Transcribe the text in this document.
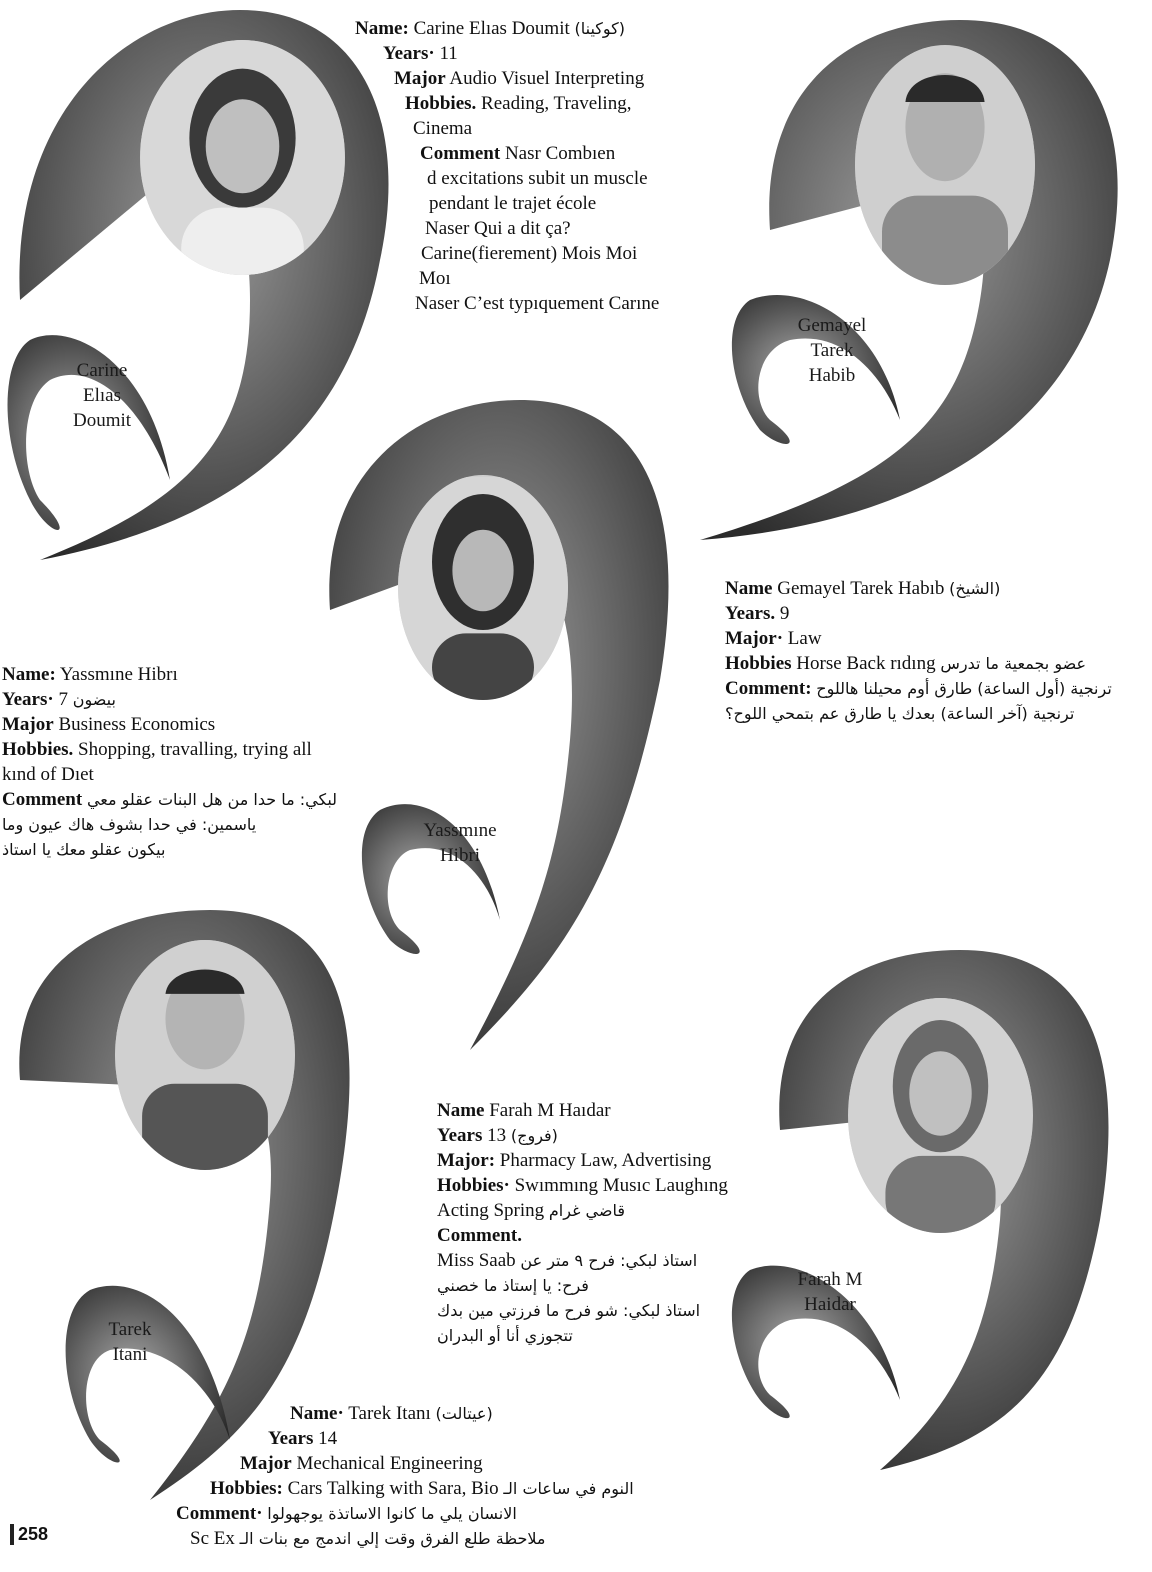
Carine
Elıas
Doumit
Gemayel
Tarek
Habib
Yassmıne
Hibri
Tarek
Itani
Farah M
Haidar
Name: Carine Elıas Doumit (كوكينا)
Years· 11
Major Audio Visuel Interpreting
Hobbies. Reading, Traveling,
Cinema
Comment Nasr Combıen
d excitations subit un muscle
pendant le trajet école
Naser Qui a dit ça?
Carine(fierement) Mois Moi
Moı
Naser C’est typıquement Carıne
Name Gemayel Tarek Habıb (الشيخ)
Years. 9
Major· Law
Hobbies Horse Back rıdıng عضو بجمعية ما تدرس
Comment: ترنجية (أول الساعة) طارق أوم محيلنا هاللوح
ترنجية (آخر الساعة) بعدك يا طارق عم بتمحي اللوح؟
Name: Yassmıne Hibrı
Years· 7 بيضون
Major Business Economics
Hobbies. Shopping, travalling, trying all
kınd of Dıet
Comment لبكي: ما حدا من هل البنات عقلو معي
ياسمين: في حدا بشوف هاك عيون وما
بيكون عقلو معك يا استاذ
Name Farah M Haıdar
Years 13 (فروج)
Major: Pharmacy Law, Advertising
Hobbies· Swımmıng Musıc Laughıng
Acting Spring قاضي غرام
Comment.
Miss Saab استاذ لبكي: فرح ٩ متر عن
فرح: يا إستاذ ما خصني
استاذ لبكي: شو فرح ما فرزتي مين بدك
تتجوزي أنا أو البدران
Name· Tarek Itanı (عيتالت)
Years 14
Major Mechanical Engineering
Hobbies: Cars Talking with Sara, Bio النوم في ساعات الـ
Comment· الانسان يلي ما كانوا الاساتذة يوجهولوا
Sc Ex ملاحظة طلع الفرق وقت إلي اندمج مع بنات الـ
258
